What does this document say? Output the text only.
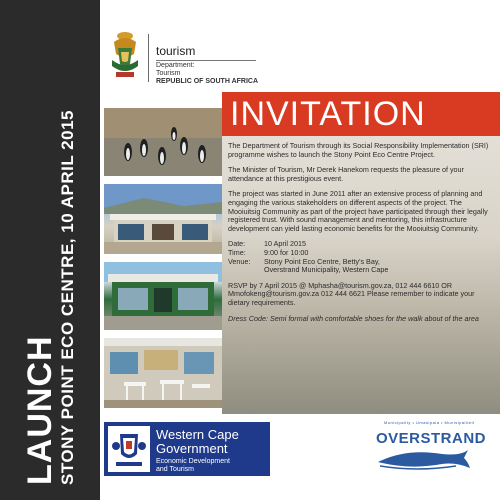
LAUNCH STONY POINT ECO CENTRE, 10 APRIL 2015
tourism
Department:
Tourism
REPUBLIC OF SOUTH AFRICA
INVITATION

The Department of Tourism through its Social Responsibility Implementation (SRI) programme wishes to launch the Stony Point Eco Centre Project.

The Minister of Tourism, Mr Derek Hanekom requests the pleasure of your attendance at this prestigious event.

The project was started in June 2011 after an extensive process of planning and engaging the various stakeholders on different aspects of the project. The Mooiuitsig Community as part of the project have participated through their legally registered trust. With sound management and mentoring, this infrastructure development can yield lasting economic benefits for the Mooiuitsig Community.

Date:	10 April 2015
Time:	9:00 for 10:00
Venue:	Stony Point Eco Centre, Betty's Bay,
Overstrand Municipality, Western Cape

RSVP by 7 April 2015 @ Mphasha@tourism.gov.za, 012 444 6610 OR Mmofokeng@tourism.gov.za 012 444 6621 Please remember to indicate your dietary requirements.

Dress Code: Semi formal with comfortable shoes for the walk about of the area

Western Cape
Government
Economic Development
and Tourism
Municipality • Umasipala • Munisipaliteit
OVERSTRAND
